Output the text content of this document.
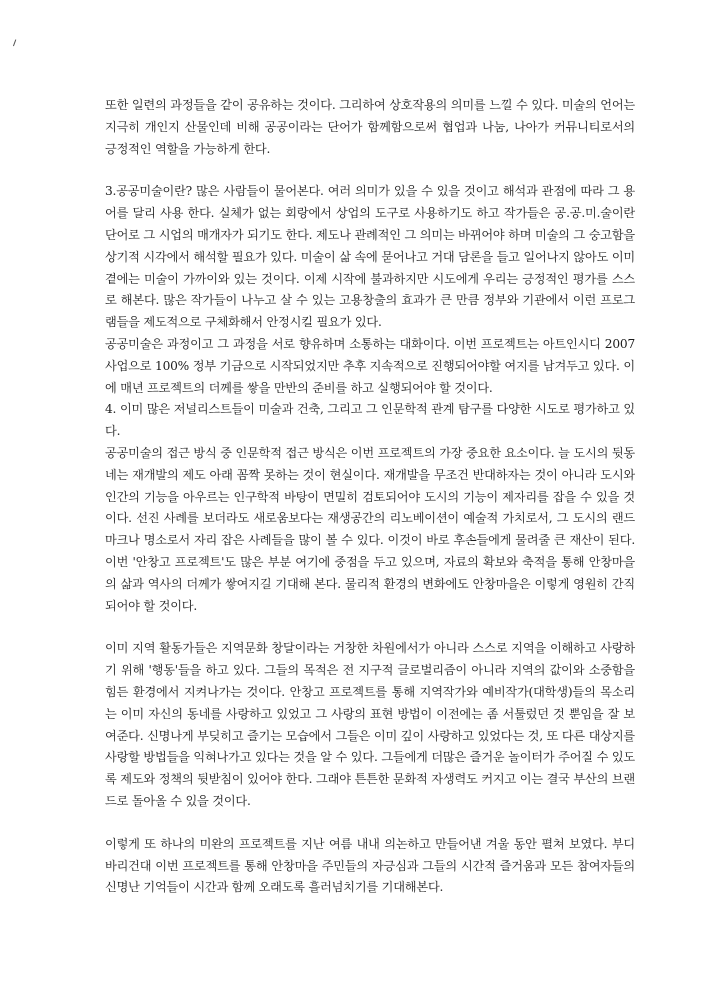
또한 일련의 과정들을 같이 공유하는 것이다. 그리하여 상호작용의 의미를 느낄 수 있다. 미술의 언어는 지극히 개인지 산물인데 비해 공공이라는 단어가 함께함으로써 협업과 나눔, 나아가 커뮤니티로서의 긍정적인 역할을 가능하게 한다.

3.공공미술이란? 많은 사람들이 물어본다. 여러 의미가 있을 수 있을 것이고 해석과 관점에 따라 그 용어를 달리 사용 한다. 실체가 없는 회랑에서 상업의 도구로 사용하기도 하고 작가들은 공.공.미.술이란 단어로 그 시업의 매개자가 되기도 한다. 제도나 관례적인 그 의미는 바뀌어야 하며 미술의 그 숭고함을 상기적 시각에서 해석할 필요가 있다. 미술이 삶 속에 묻어나고 거대 담론을 들고 일어나지 않아도 이미 곁에는 미술이 가까이와 있는 것이다. 이제 시작에 불과하지만 시도에게 우리는 긍정적인 평가를 스스로 해본다. 많은 작가들이 나누고 살 수 있는 고용창출의 효과가 큰 만큼 정부와 기관에서 이런 프로그램들을 제도적으로 구체화해서 안정시킬 필요가 있다.

공공미술은 과정이고 그 과정을 서로 향유하며 소통하는 대화이다. 이번 프로젝트는 아트인시디 2007 사업으로 100% 정부 기금으로 시작되었지만 추후 지속적으로 진행되어야할 여지를 남겨두고 있다. 이에 매년 프로젝트의 더께를 쌓을 만반의 준비를 하고 실행되어야 할 것이다.

4. 이미 많은 저널리스트들이 미술과 건축, 그리고 그 인문학적 관계 탐구를 다양한 시도로 평가하고 있다.

공공미술의 접근 방식 중 인문학적 접근 방식은 이번 프로젝트의 가장 중요한 요소이다. 늘 도시의 뒷동네는 재개발의 제도 아래 꼼짝 못하는 것이 현실이다. 재개발을 무조건 반대하자는 것이 아니라 도시와 인간의 기능을 아우르는 인구학적 바탕이 면밀히 검토되어야 도시의 기능이 제자리를 잡을 수 있을 것이다. 선진 사례를 보더라도 새로움보다는 재생공간의 리노베이션이 예술적 가치로서, 그 도시의 랜드마크나 명소로서 자리 잡은 사례들을 많이 볼 수 있다. 이것이 바로 후손들에게 물려줄 큰 재산이 된다. 이번 '안창고 프로젝트'도 많은 부분 여기에 중점을 두고 있으며, 자료의 확보와 축적을 통해 안창마을의 삶과 역사의 더께가 쌓여지길 기대해 본다. 물리적 환경의 변화에도 안창마을은 이렇게 영원히 간직되어야 할 것이다.

이미 지역 활동가들은 지역문화 창달이라는 거창한 차원에서가 아니라 스스로 지역을 이해하고 사랑하기 위해 '행동'들을 하고 있다. 그들의 목적은 전 지구적 글로벌리즘이 아니라 지역의 값이와 소중함을 힘든 환경에서 지켜나가는 것이다. 안창고 프로젝트를 통해 지역작가와 예비작가(대학생)들의 목소리는 이미 자신의 동네를 사랑하고 있었고 그 사랑의 표현 방법이 이전에는 좀 서툴렀던 것 뿐임을 잘 보여준다. 신명나게 부딪히고 즐기는 모습에서 그들은 이미 깊이 사랑하고 있었다는 것, 또 다른 대상지를 사랑할 방법들을 익혀나가고 있다는 것을 알 수 있다. 그들에게 더많은 즐거운 놀이터가 주어질 수 있도록 제도와 정책의 뒷받침이 있어야 한다. 그래야 튼튼한 문화적 자생력도 커지고 이는 결국 부산의 브랜드로 돌아올 수 있을 것이다.

이렇게 또 하나의 미완의 프로젝트를 지난 여름 내내 의논하고 만들어낸 겨울 동안 펼쳐 보였다. 부디 바리건대 이번 프로젝트를 통해 안창마을 주민들의 자긍심과 그들의 시간적 즐거움과 모든 참여자들의 신명난 기억들이 시간과 함께 오래도록 흘러넘치기를 기대해본다.
